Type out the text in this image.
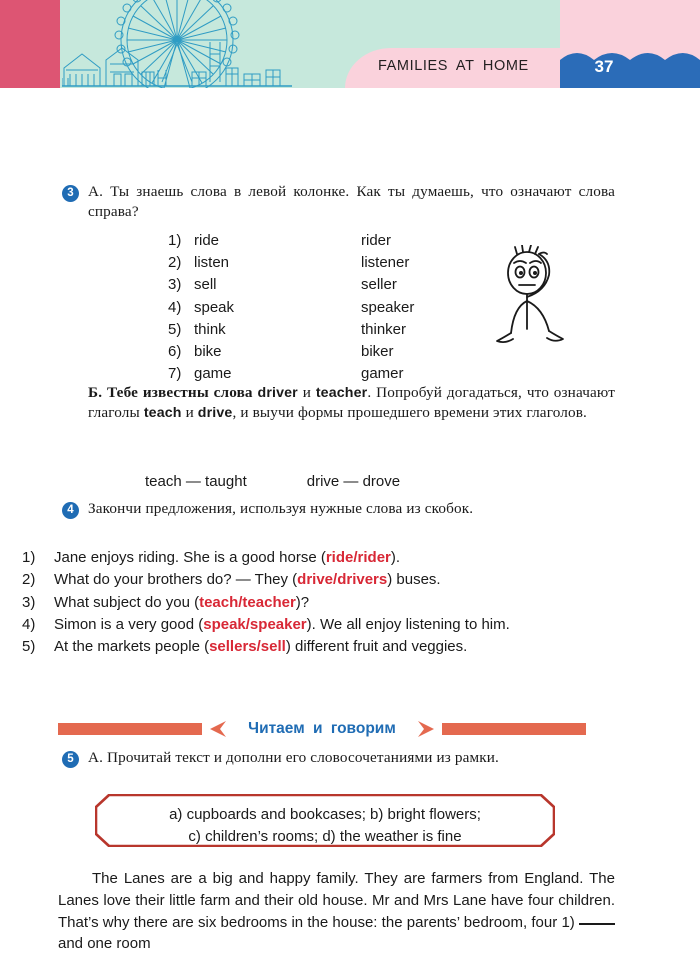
FAMILIES AT HOME	37
3 А. Ты знаешь слова в левой колонке. Как ты думаешь, что означают слова справа?
1) ride	rider
2) listen	listener
3) sell	seller
4) speak	speaker
5) think	thinker
6) bike	biker
7) game	gamer
Б. Тебе известны слова driver и teacher. Попробуй догадаться, что означают глаголы teach и drive, и выучи формы прошедшего времени этих глаголов.
teach — taught	drive — drove
4 Закончи предложения, используя нужные слова из скобок.
1)	Jane enjoys riding. She is a good horse (ride/rider).
2)	What do your brothers do? — They (drive/drivers) buses.
3)	What subject do you (teach/teacher)?
4)	Simon is a very good (speak/speaker). We all enjoy listening to him.
5)	At the markets people (sellers/sell) different fruit and veggies.
Читаем и говорим
5 А. Прочитай текст и дополни его словосочетаниями из рамки.
a) cupboards and bookcases; b) bright flowers;
c) children’s rooms; d) the weather is fine
The Lanes are a big and happy family. They are farmers from England. The Lanes love their little farm and their old house. Mr and Mrs Lane have four children. That’s why there are six bedrooms in the house: the parents’ bedroom, four 1)  and one room
